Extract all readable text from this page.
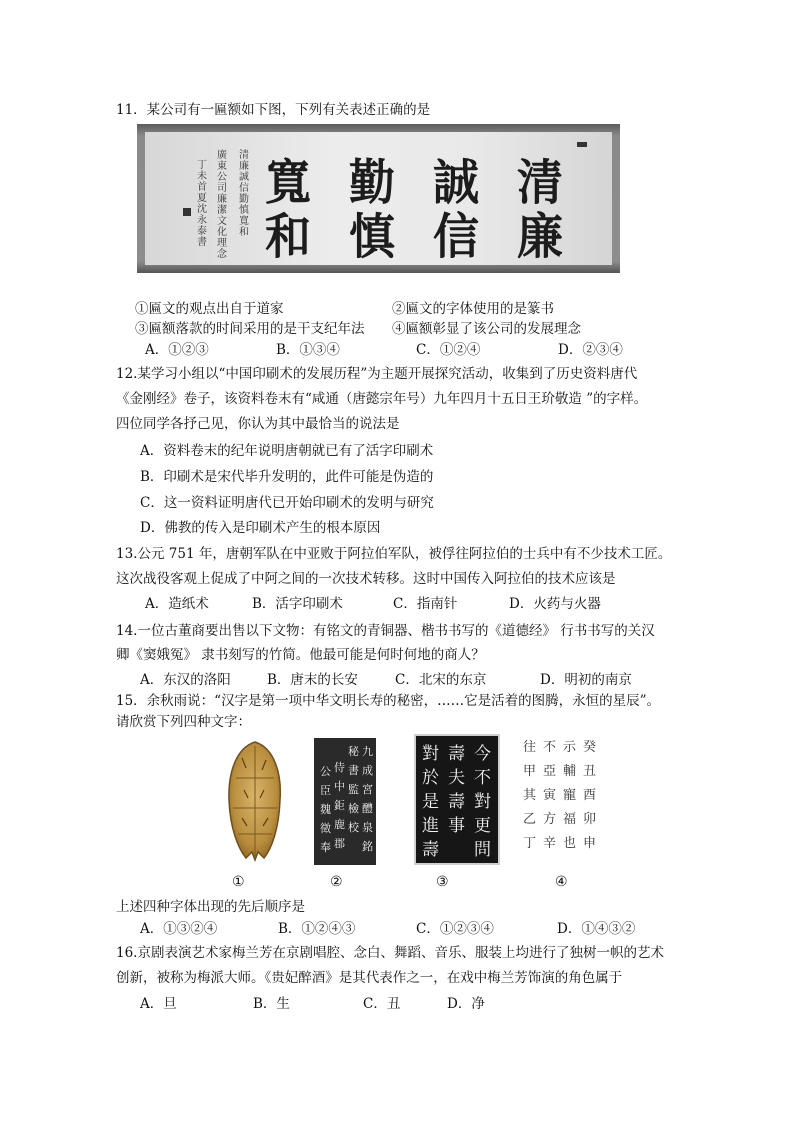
11．某公司有一匾额如下图，下列有关表述正确的是
清
誠
勤
寬
廉
信
慎
和
清廉誠信勤慎寬和
廣東公司廉潔文化理念
丁未首夏沈永泰書
①匾文的观点出自于道家	②匾文的字体使用的是篆书
③匾额落款的时间采用的是干支纪年法 ④匾额彰显了该公司的发展理念
A．①②③	B．①③④	C．①②④	D．②③④
12.某学习小组以“中国印刷术的发展历程”为主题开展探究活动，收集到了历史资料唐代
《金刚经》卷子，该资料卷末有“咸通（唐懿宗年号）九年四月十五日王玠敬造 ”的字样。
四位同学各抒己见，你认为其中最恰当的说法是
A．资料卷末的纪年说明唐朝就已有了活字印刷术
B．印刷术是宋代毕升发明的，此件可能是伪造的
C．这一资料证明唐代已开始印刷术的发明与研究
D．佛教的传入是印刷术产生的根本原因
13.公元 751 年，唐朝军队在中亚败于阿拉伯军队，被俘往阿拉伯的士兵中有不少技术工匠。
这次战役客观上促成了中阿之间的一次技术转移。这时中国传入阿拉伯的技术应该是
A．造纸术	B．活字印刷术	C．指南针	D．火药与火器
14.一位古董商要出售以下文物：有铭文的青铜器、楷书书写的《道德经》 行书书写的关汉
卿《窦娥冤》 隶书刻写的竹简。他最可能是何时何地的商人？
A．东汉的洛阳	B．唐末的长安	C．北宋的东京	D．明初的南京
15．余秋雨说：“汉字是第一项中华文明长寿的秘密，……它是活着的图腾，永恒的星辰”。
请欣赏下列四种文字：
九成宮醴泉銘
秘書監檢校
侍中鉅鹿郡
公臣魏徵奉
今不對更問
壽夫壽事
對於是進壽
癸丑酉卯申
示輔寵福也
不亞寅方辛
往甲其乙丁
①	②	③	④
上述四种字体出现的先后顺序是
A．①③②④	B．①②④③	C．①②③④	D．①④③②
16.京剧表演艺术家梅兰芳在京剧唱腔、念白、舞蹈、音乐、服装上均进行了独树一帜的艺术
创新，被称为梅派大师。《贵妃醉酒》是其代表作之一，在戏中梅兰芳饰演的角色属于
A．旦	B．生	C．丑	D．净
